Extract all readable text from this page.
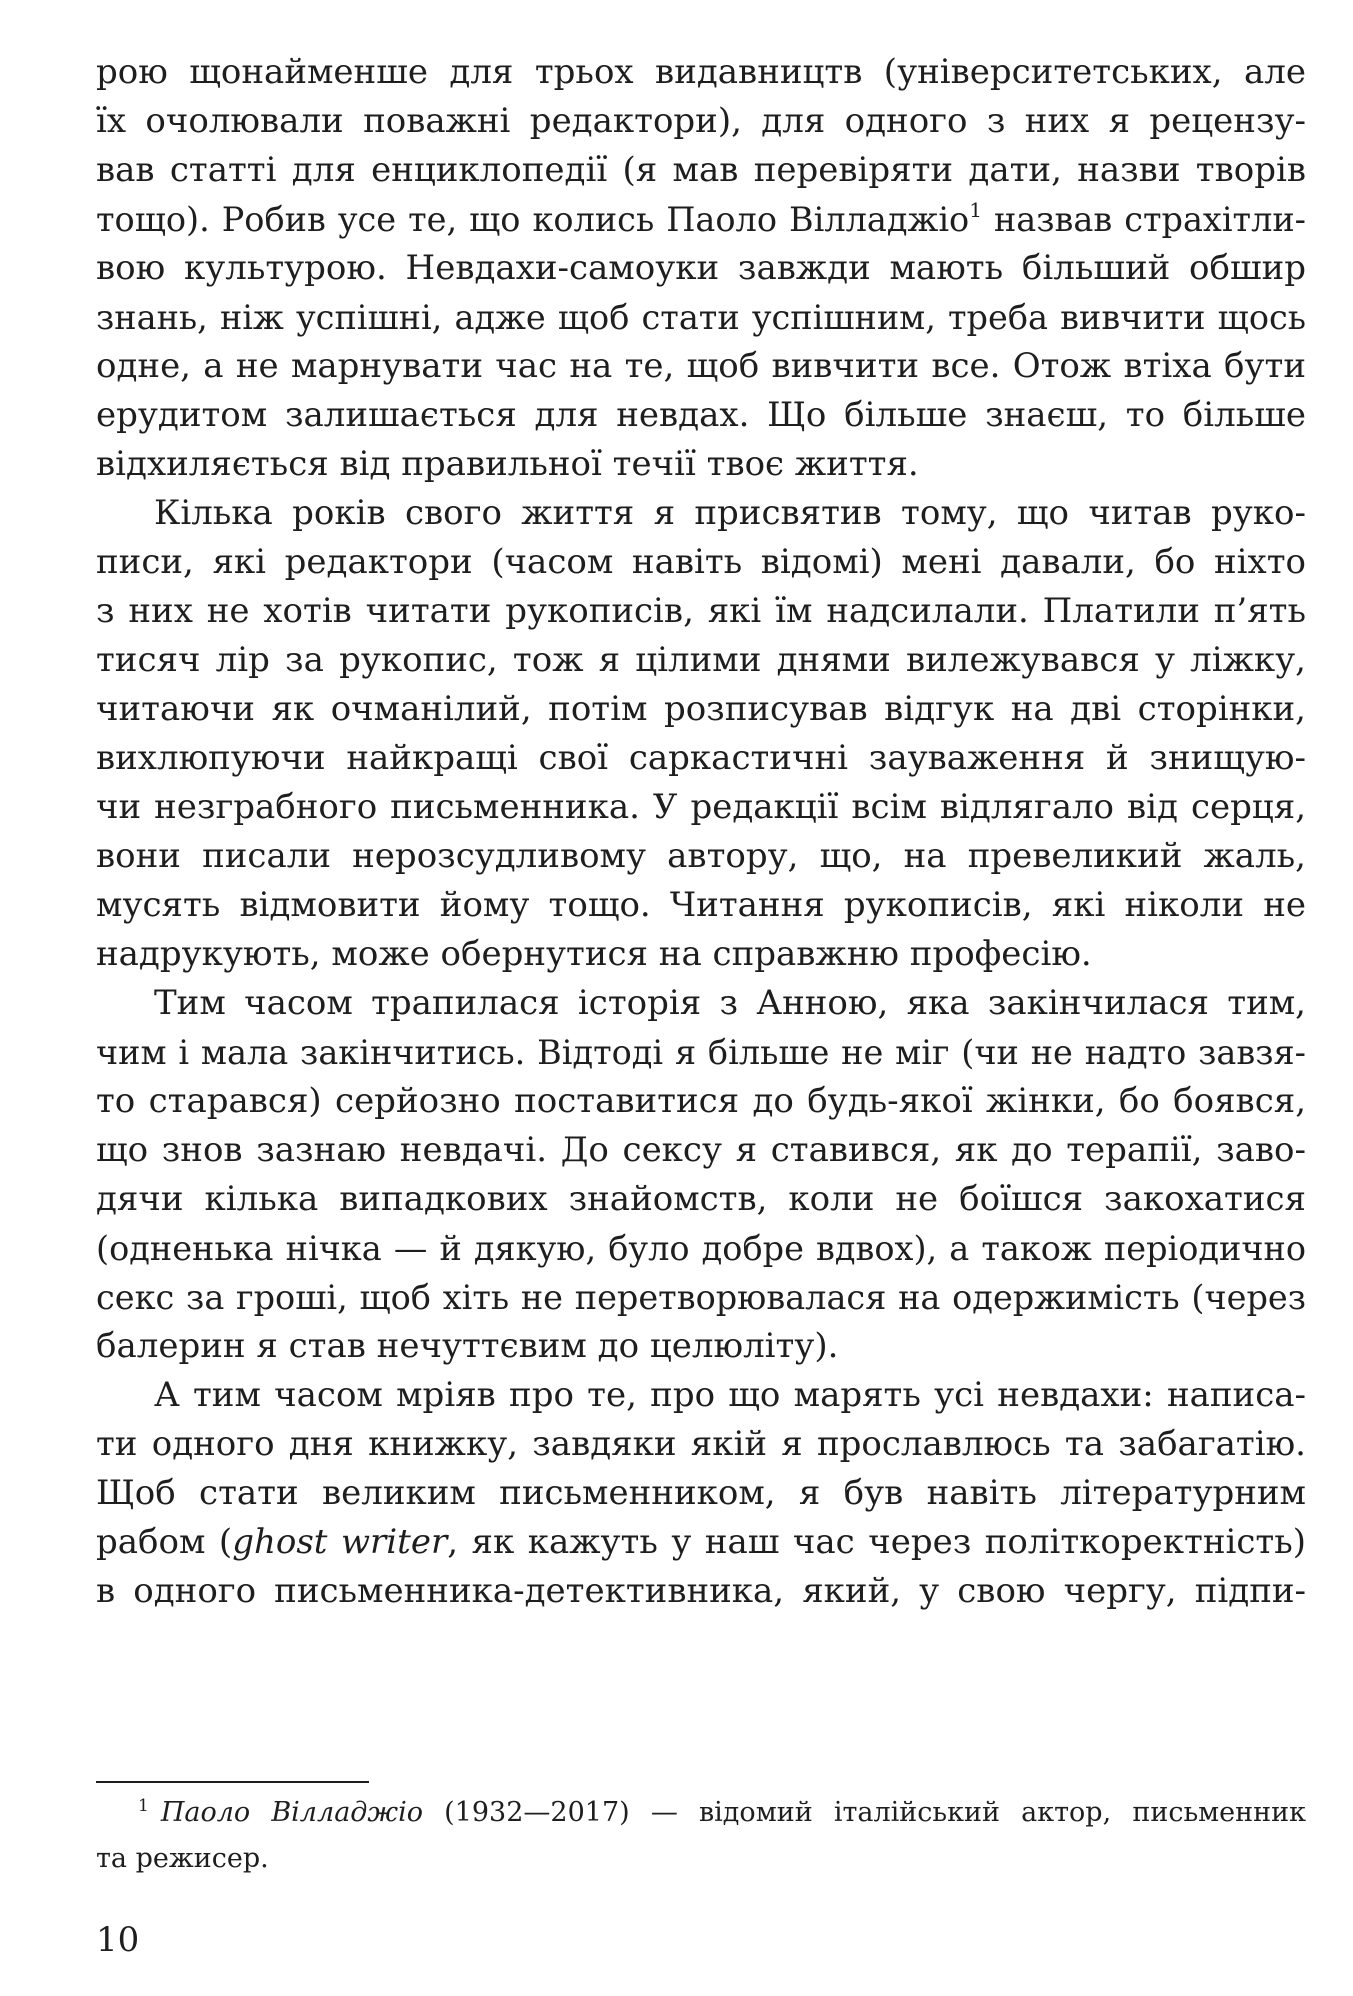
рою щонайменше для трьох видавництв (університетських, але
їх очолювали поважні редактори), для одного з них я рецензу-
вав статті для енциклопедії (я мав перевіряти дати, назви творів
тощо). Робив усе те, що колись Паоло Вілладжіо$^1$ назвав страхітли-
вою культурою. Невдахи-самоуки завжди мають більший обшир
знань, ніж успішні, адже щоб стати успішним, треба вивчити щось
одне, а не марнувати час на те, щоб вивчити все. Отож втіха бути
ерудитом залишається для невдах. Що більше знаєш, то більше
відхиляється від правильної течії твоє життя.
Кілька років свого життя я присвятив тому, що читав руко-
писи, які редактори (часом навіть відомі) мені давали, бо ніхто
з них не хотів читати рукописів, які їм надсилали. Платили п’ять
тисяч лір за рукопис, тож я цілими днями вилежувався у ліжку,
читаючи як очманілий, потім розписував відгук на дві сторінки,
вихлюпуючи найкращі свої саркастичні зауваження й знищую-
чи незграбного письменника. У редакції всім відлягало від серця,
вони писали нерозсудливому автору, що, на превеликий жаль,
мусять відмовити йому тощо. Читання рукописів, які ніколи не
надрукують, може обернутися на справжню професію.
Тим часом трапилася історія з Анною, яка закінчилася тим,
чим і мала закінчитись. Відтоді я більше не міг (чи не надто завзя-
то старався) серйозно поставитися до будь-якої жінки, бо боявся,
що знов зазнаю невдачі. До сексу я ставився, як до терапії, заво-
дячи кілька випадкових знайомств, коли не боїшся закохатися
(одненька нічка — й дякую, було добре вдвох), а також періодично
секс за гроші, щоб хіть не перетворювалася на одержимість (через
балерин я став нечуттєвим до целюліту).
А тим часом мріяв про те, про що марять усі невдахи: написа-
ти одного дня книжку, завдяки якій я прославлюсь та забагатію.
Щоб стати великим письменником, я був навіть літературним
рабом (ghost writer, як кажуть у наш час через політкоректність)
в одного письменника-детективника, який, у свою чергу, підпи-
$^1$ Паоло Вілладжіо (1932—2017) — відомий італійський актор, письменник
та режисер.
10
